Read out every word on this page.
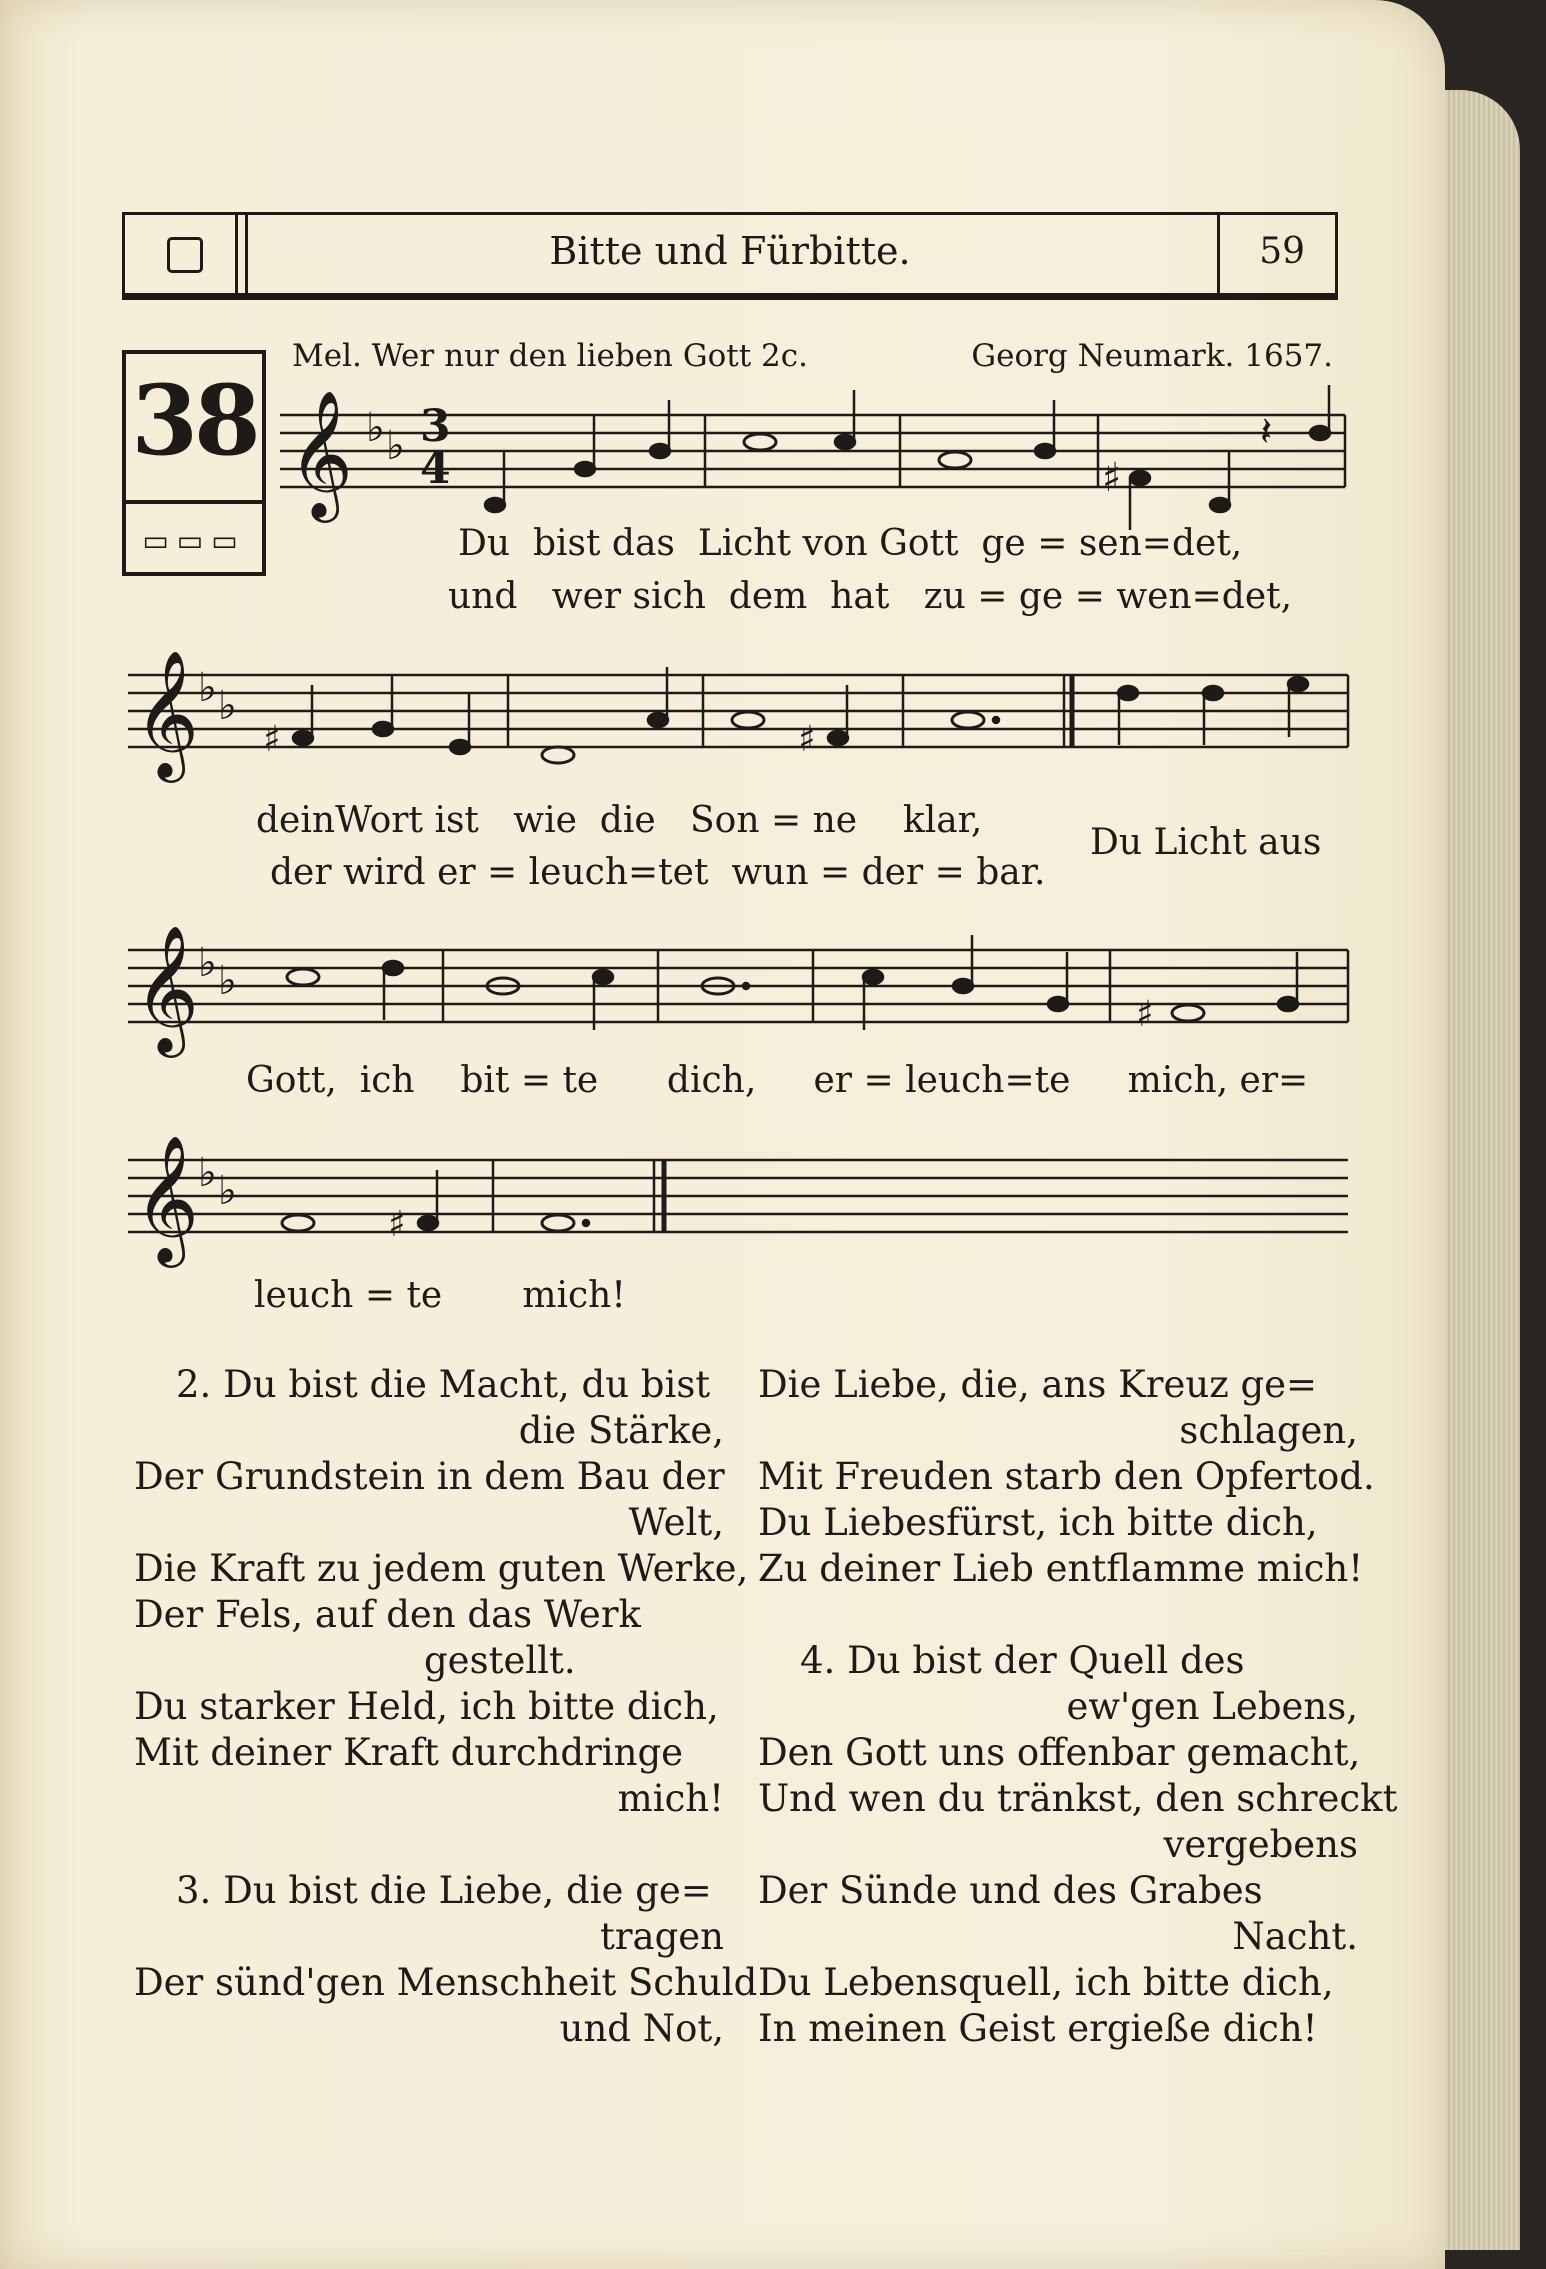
Bitte und Fürbitte.	59
38
▭▭▭
Mel. Wer nur den lieben Gott 2c.	Georg Neumark. 1657.
𝄞 ♭ ♭ 3
4	♯
𝄽
Du bist das Licht von Gott ge = sen=det,
und wer sich dem hat zu = ge = wen=det,
𝄞
♭ ♭
♯	♯
deinWort ist wie die Son = ne klar,
der wird er = leuch=tet wun = der = bar.
Du Licht aus
𝄞
♭ ♭
♯
Gott, ich bit = te dich, er = leuch=te mich, er=
𝄞
♭ ♭
♯
leuch = te mich!
2. Du bist die Macht, du bist
die Stärke,
Der Grundstein in dem Bau der
Welt,
Die Kraft zu jedem guten Werke,
Der Fels, auf den das Werk
gestellt.
Du starker Held, ich bitte dich,
Mit deiner Kraft durchdringe
mich!

3. Du bist die Liebe, die ge=
tragen
Der sünd'gen Menschheit Schuld
und Not,
Die Liebe, die, ans Kreuz ge=
schlagen,
Mit Freuden starb den Opfertod.
Du Liebesfürst, ich bitte dich,
Zu deiner Lieb entflamme mich!

4. Du bist der Quell des
ew'gen Lebens,
Den Gott uns offenbar gemacht,
Und wen du tränkst, den schreckt
vergebens
Der Sünde und des Grabes
Nacht.
Du Lebensquell, ich bitte dich,
In meinen Geist ergieße dich!
